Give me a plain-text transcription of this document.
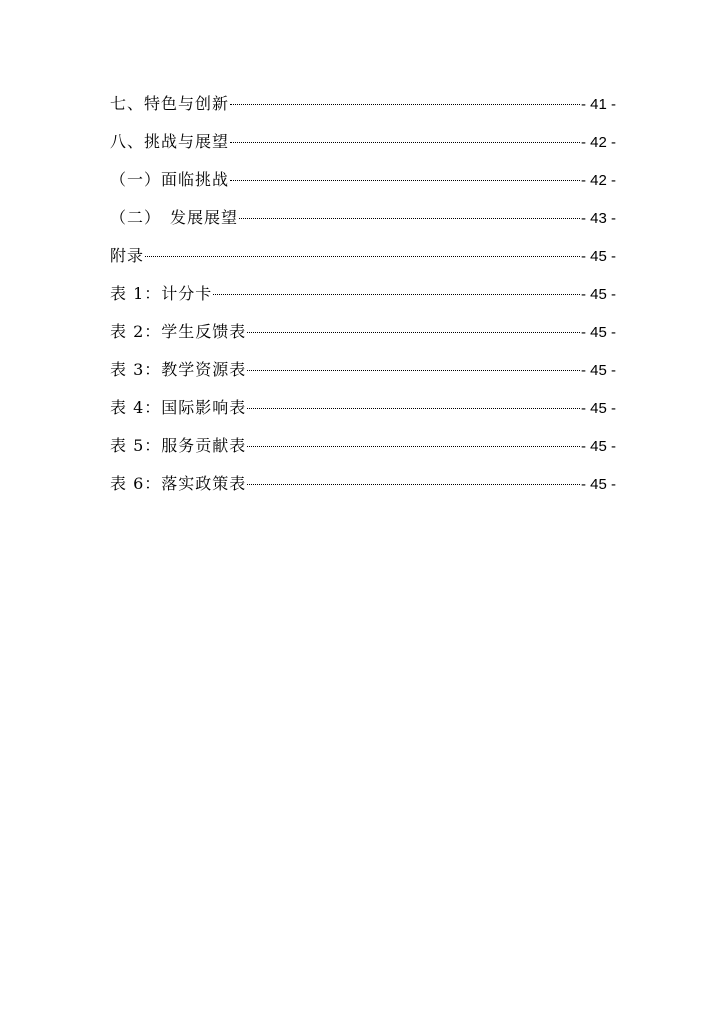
七、特色与创新	- 41 -
八、挑战与展望	- 42 -
（一）面临挑战	- 42 -
（二）　发展展望	- 43 -
附录	- 45 -
表 1：计分卡	- 45 -
表 2：学生反馈表	- 45 -
表 3：教学资源表	- 45 -
表 4：国际影响表	- 45 -
表 5：服务贡献表	- 45 -
表 6：落实政策表	- 45 -
